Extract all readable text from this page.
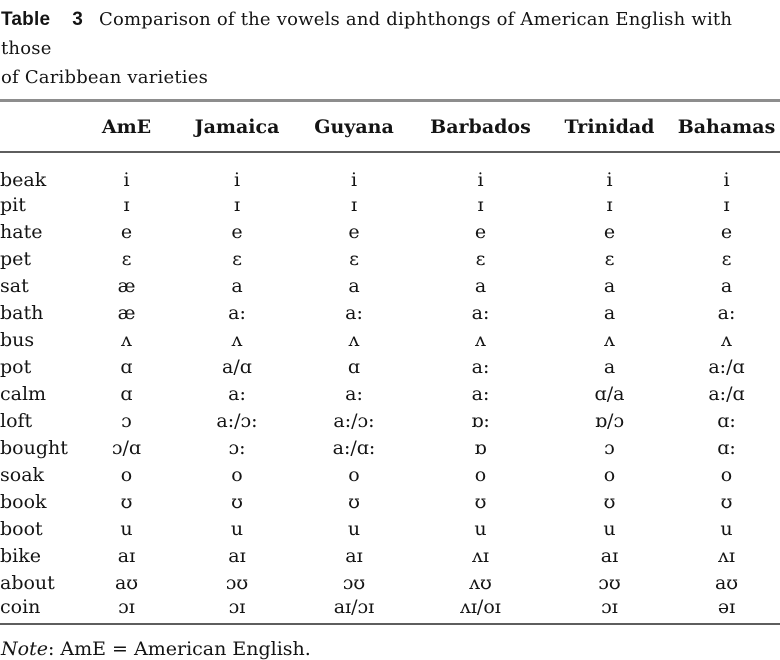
Table 3 Comparison of the vowels and diphthongs of American English with those
of Caribbean varieties
	AmE	Jamaica	Guyana	Barbados	Trinidad	Bahamas
beak	i	i	i	i	i	i
pit	ɪ	ɪ	ɪ	ɪ	ɪ	ɪ
hate	e	e	e	e	e	e
pet	ɛ	ɛ	ɛ	ɛ	ɛ	ɛ
sat	æ	a	a	a	a	a
bath	æ	a:	a:	a:	a	a:
bus	ʌ	ʌ	ʌ	ʌ	ʌ	ʌ
pot	ɑ	a/ɑ	ɑ	a:	a	a:/ɑ
calm	ɑ	a:	a:	a:	ɑ/a	a:/ɑ
loft	ɔ	a:/ɔ:	a:/ɔ:	ɒ:	ɒ/ɔ	ɑ:
bought	ɔ/ɑ	ɔ:	a:/ɑ:	ɒ	ɔ	ɑ:
soak	o	o	o	o	o	o
book	ʊ	ʊ	ʊ	ʊ	ʊ	ʊ
boot	u	u	u	u	u	u
bike	aɪ	aɪ	aɪ	ʌɪ	aɪ	ʌɪ
about	aʊ	ɔʊ	ɔʊ	ʌʊ	ɔʊ	aʊ
coin	ɔɪ	ɔɪ	aɪ/ɔɪ	ʌɪ/oɪ	ɔɪ	əɪ
Note: AmE = American English.
